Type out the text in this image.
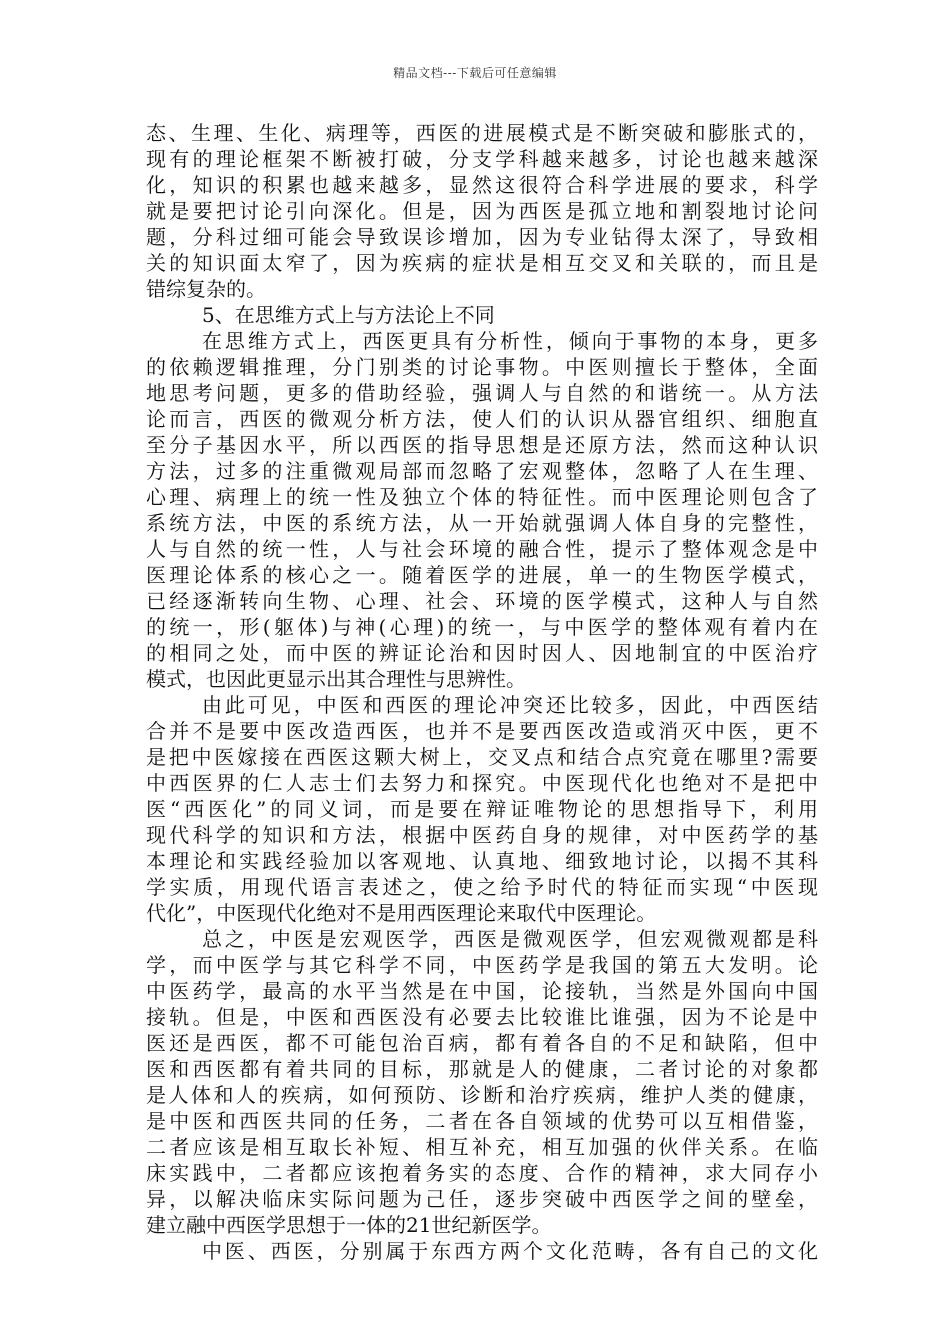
精品文档---下载后可任意编辑
态、生理、生化、病理等，西医的进展模式是不断突破和膨胀式的，
现有的理论框架不断被打破，分支学科越来越多，讨论也越来越深
化，知识的积累也越来越多，显然这很符合科学进展的要求，科学
就是要把讨论引向深化。但是，因为西医是孤立地和割裂地讨论问
题，分科过细可能会导致误诊增加，因为专业钻得太深了，导致相
关的知识面太窄了，因为疾病的症状是相互交叉和关联的，而且是
错综复杂的。
5、在思维方式上与方法论上不同
在思维方式上，西医更具有分析性，倾向于事物的本身，更多
的依赖逻辑推理，分门别类的讨论事物。中医则擅长于整体，全面
地思考问题，更多的借助经验，强调人与自然的和谐统一。从方法
论而言，西医的微观分析方法，使人们的认识从器官组织、细胞直
至分子基因水平，所以西医的指导思想是还原方法，然而这种认识
方法，过多的注重微观局部而忽略了宏观整体，忽略了人在生理、
心理、病理上的统一性及独立个体的特征性。而中医理论则包含了
系统方法，中医的系统方法，从一开始就强调人体自身的完整性，
人与自然的统一性，人与社会环境的融合性，提示了整体观念是中
医理论体系的核心之一。随着医学的进展，单一的生物医学模式，
已经逐渐转向生物、心理、社会、环境的医学模式，这种人与自然
的统一，形(躯体)与神(心理)的统一，与中医学的整体观有着内在
的相同之处，而中医的辨证论治和因时因人、因地制宜的中医治疗
模式，也因此更显示出其合理性与思辨性。
由此可见，中医和西医的理论冲突还比较多，因此，中西医结
合并不是要中医改造西医，也并不是要西医改造或消灭中医，更不
是把中医嫁接在西医这颗大树上，交叉点和结合点究竟在哪里?需要
中西医界的仁人志士们去努力和探究。中医现代化也绝对不是把中
医“西医化”的同义词，而是要在辩证唯物论的思想指导下，利用
现代科学的知识和方法，根据中医药自身的规律，对中医药学的基
本理论和实践经验加以客观地、认真地、细致地讨论，以揭不其科
学实质，用现代语言表述之，使之给予时代的特征而实现“中医现
代化”，中医现代化绝对不是用西医理论来取代中医理论。
总之，中医是宏观医学，西医是微观医学，但宏观微观都是科
学，而中医学与其它科学不同，中医药学是我国的第五大发明。论
中医药学，最高的水平当然是在中国，论接轨，当然是外国向中国
接轨。但是，中医和西医没有必要去比较谁比谁强，因为不论是中
医还是西医，都不可能包治百病，都有着各自的不足和缺陷，但中
医和西医都有着共同的目标，那就是人的健康，二者讨论的对象都
是人体和人的疾病，如何预防、诊断和治疗疾病，维护人类的健康，
是中医和西医共同的任务，二者在各自领域的优势可以互相借鉴，
二者应该是相互取长补短、相互补充，相互加强的伙伴关系。在临
床实践中，二者都应该抱着务实的态度、合作的精神，求大同存小
异，以解决临床实际问题为己任，逐步突破中西医学之间的壁垒，
建立融中西医学思想于一体的21世纪新医学。
中医、西医，分别属于东西方两个文化范畴，各有自己的文化
